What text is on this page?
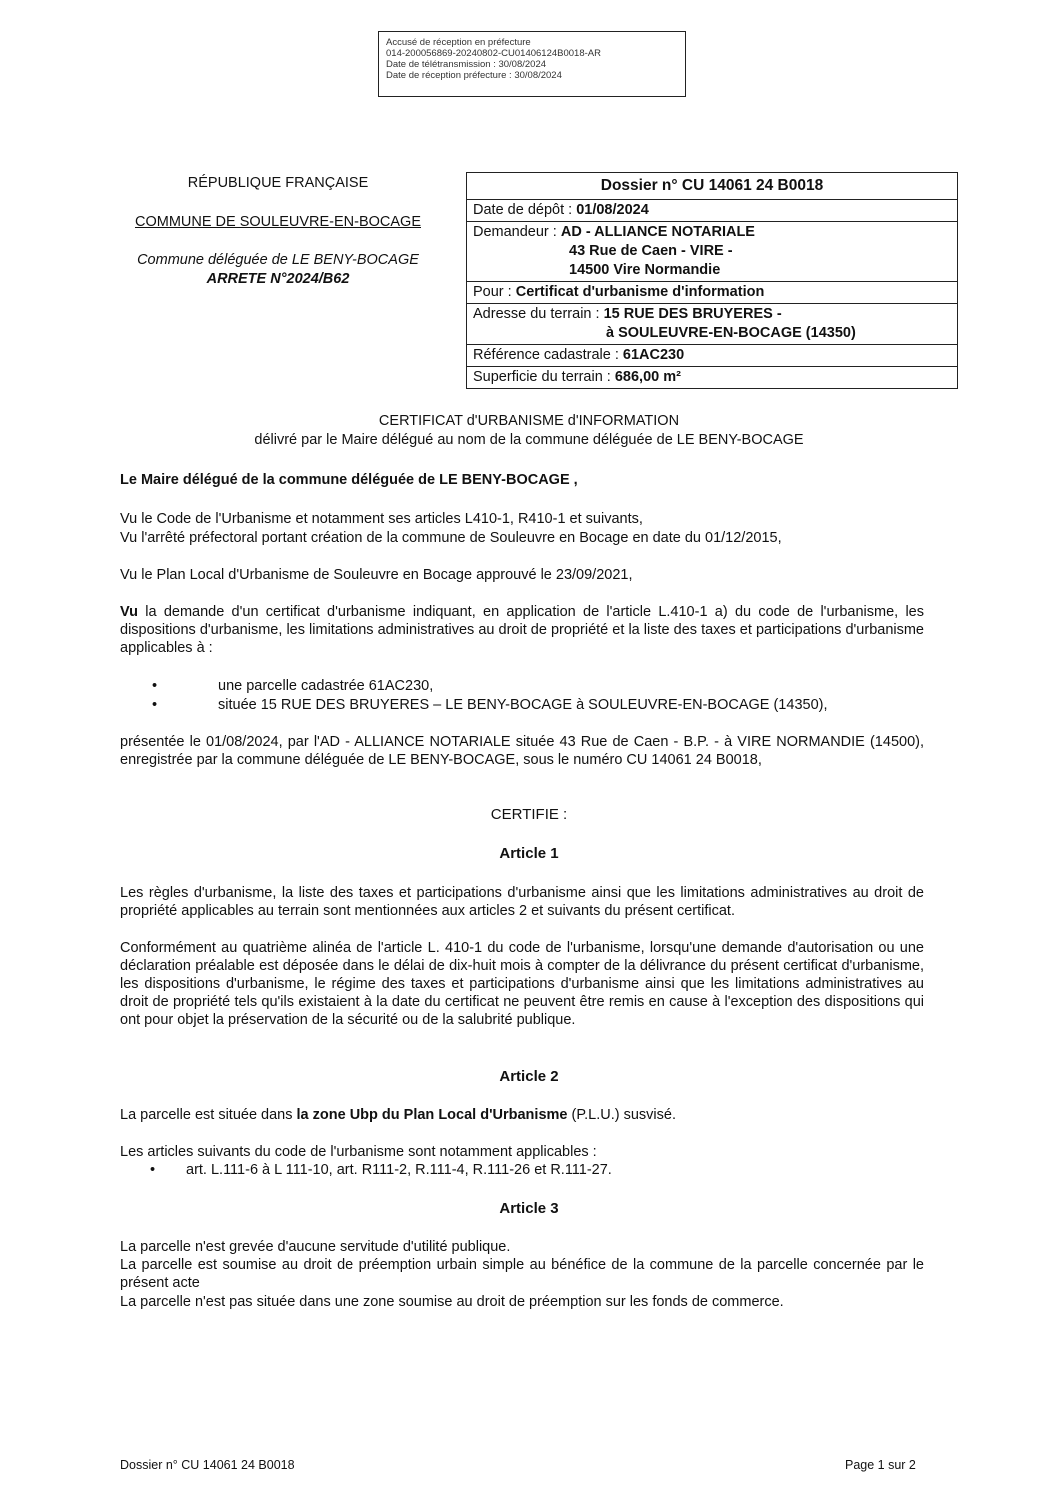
Accusé de réception en préfecture
014-200056869-20240802-CU01406124B0018-AR
Date de télétransmission : 30/08/2024
Date de réception préfecture : 30/08/2024
RÉPUBLIQUE FRANÇAISE
COMMUNE DE SOULEUVRE-EN-BOCAGE
Commune déléguée de LE BENY-BOCAGE
ARRETE N°2024/B62
Dossier n° CU 14061 24 B0018
Date de dépôt : 01/08/2024
Demandeur : AD - ALLIANCE NOTARIALE
43 Rue de Caen - VIRE -
14500 Vire Normandie
Pour : Certificat d'urbanisme d'information
Adresse du terrain : 15 RUE DES BRUYERES -
à SOULEUVRE-EN-BOCAGE (14350)
Référence cadastrale : 61AC230
Superficie du terrain : 686,00 m²
CERTIFICAT d'URBANISME d'INFORMATION
délivré par le Maire délégué au nom de la commune déléguée de LE BENY-BOCAGE
Le Maire délégué de la commune déléguée de LE BENY-BOCAGE ,
Vu le Code de l'Urbanisme et notamment ses articles L410-1, R410-1 et suivants,
Vu l'arrêté préfectoral portant création de la commune de Souleuvre en Bocage en date du 01/12/2015,
Vu le Plan Local d'Urbanisme de Souleuvre en Bocage approuvé le 23/09/2021,
Vu la demande d'un certificat d'urbanisme indiquant, en application de l'article L.410-1 a) du code de l'urbanisme, les dispositions d'urbanisme, les limitations administratives au droit de propriété et la liste des taxes et participations d'urbanisme applicables à :
•	une parcelle cadastrée 61AC230,
•	située 15 RUE DES BRUYERES – LE BENY-BOCAGE à SOULEUVRE-EN-BOCAGE (14350),
présentée le 01/08/2024, par l'AD - ALLIANCE NOTARIALE située 43 Rue de Caen - B.P. - à VIRE NORMANDIE (14500), enregistrée par la commune déléguée de LE BENY-BOCAGE, sous le numéro CU 14061 24 B0018,
CERTIFIE :
Article 1
Les règles d'urbanisme, la liste des taxes et participations d'urbanisme ainsi que les limitations administratives au droit de propriété applicables au terrain sont mentionnées aux articles 2 et suivants du présent certificat.
Conformément au quatrième alinéa de l'article L. 410-1 du code de l'urbanisme, lorsqu'une demande d'autorisation ou une déclaration préalable est déposée dans le délai de dix-huit mois à compter de la délivrance du présent certificat d'urbanisme, les dispositions d'urbanisme, le régime des taxes et participations d'urbanisme ainsi que les limitations administratives au droit de propriété tels qu'ils existaient à la date du certificat ne peuvent être remis en cause à l'exception des dispositions qui ont pour objet la préservation de la sécurité ou de la salubrité publique.
Article 2
La parcelle est située dans la zone Ubp du Plan Local d'Urbanisme (P.L.U.) susvisé.
Les articles suivants du code de l'urbanisme sont notamment applicables :
• art. L.111-6 à L 111-10, art. R111-2, R.111-4, R.111-26 et R.111-27.
Article 3
La parcelle n'est grevée d'aucune servitude d'utilité publique.
La parcelle est soumise au droit de préemption urbain simple au bénéfice de la commune de la parcelle concernée par le présent acte
La parcelle n'est pas située dans une zone soumise au droit de préemption sur les fonds de commerce.
Dossier n° CU 14061 24 B0018	Page 1 sur 2
